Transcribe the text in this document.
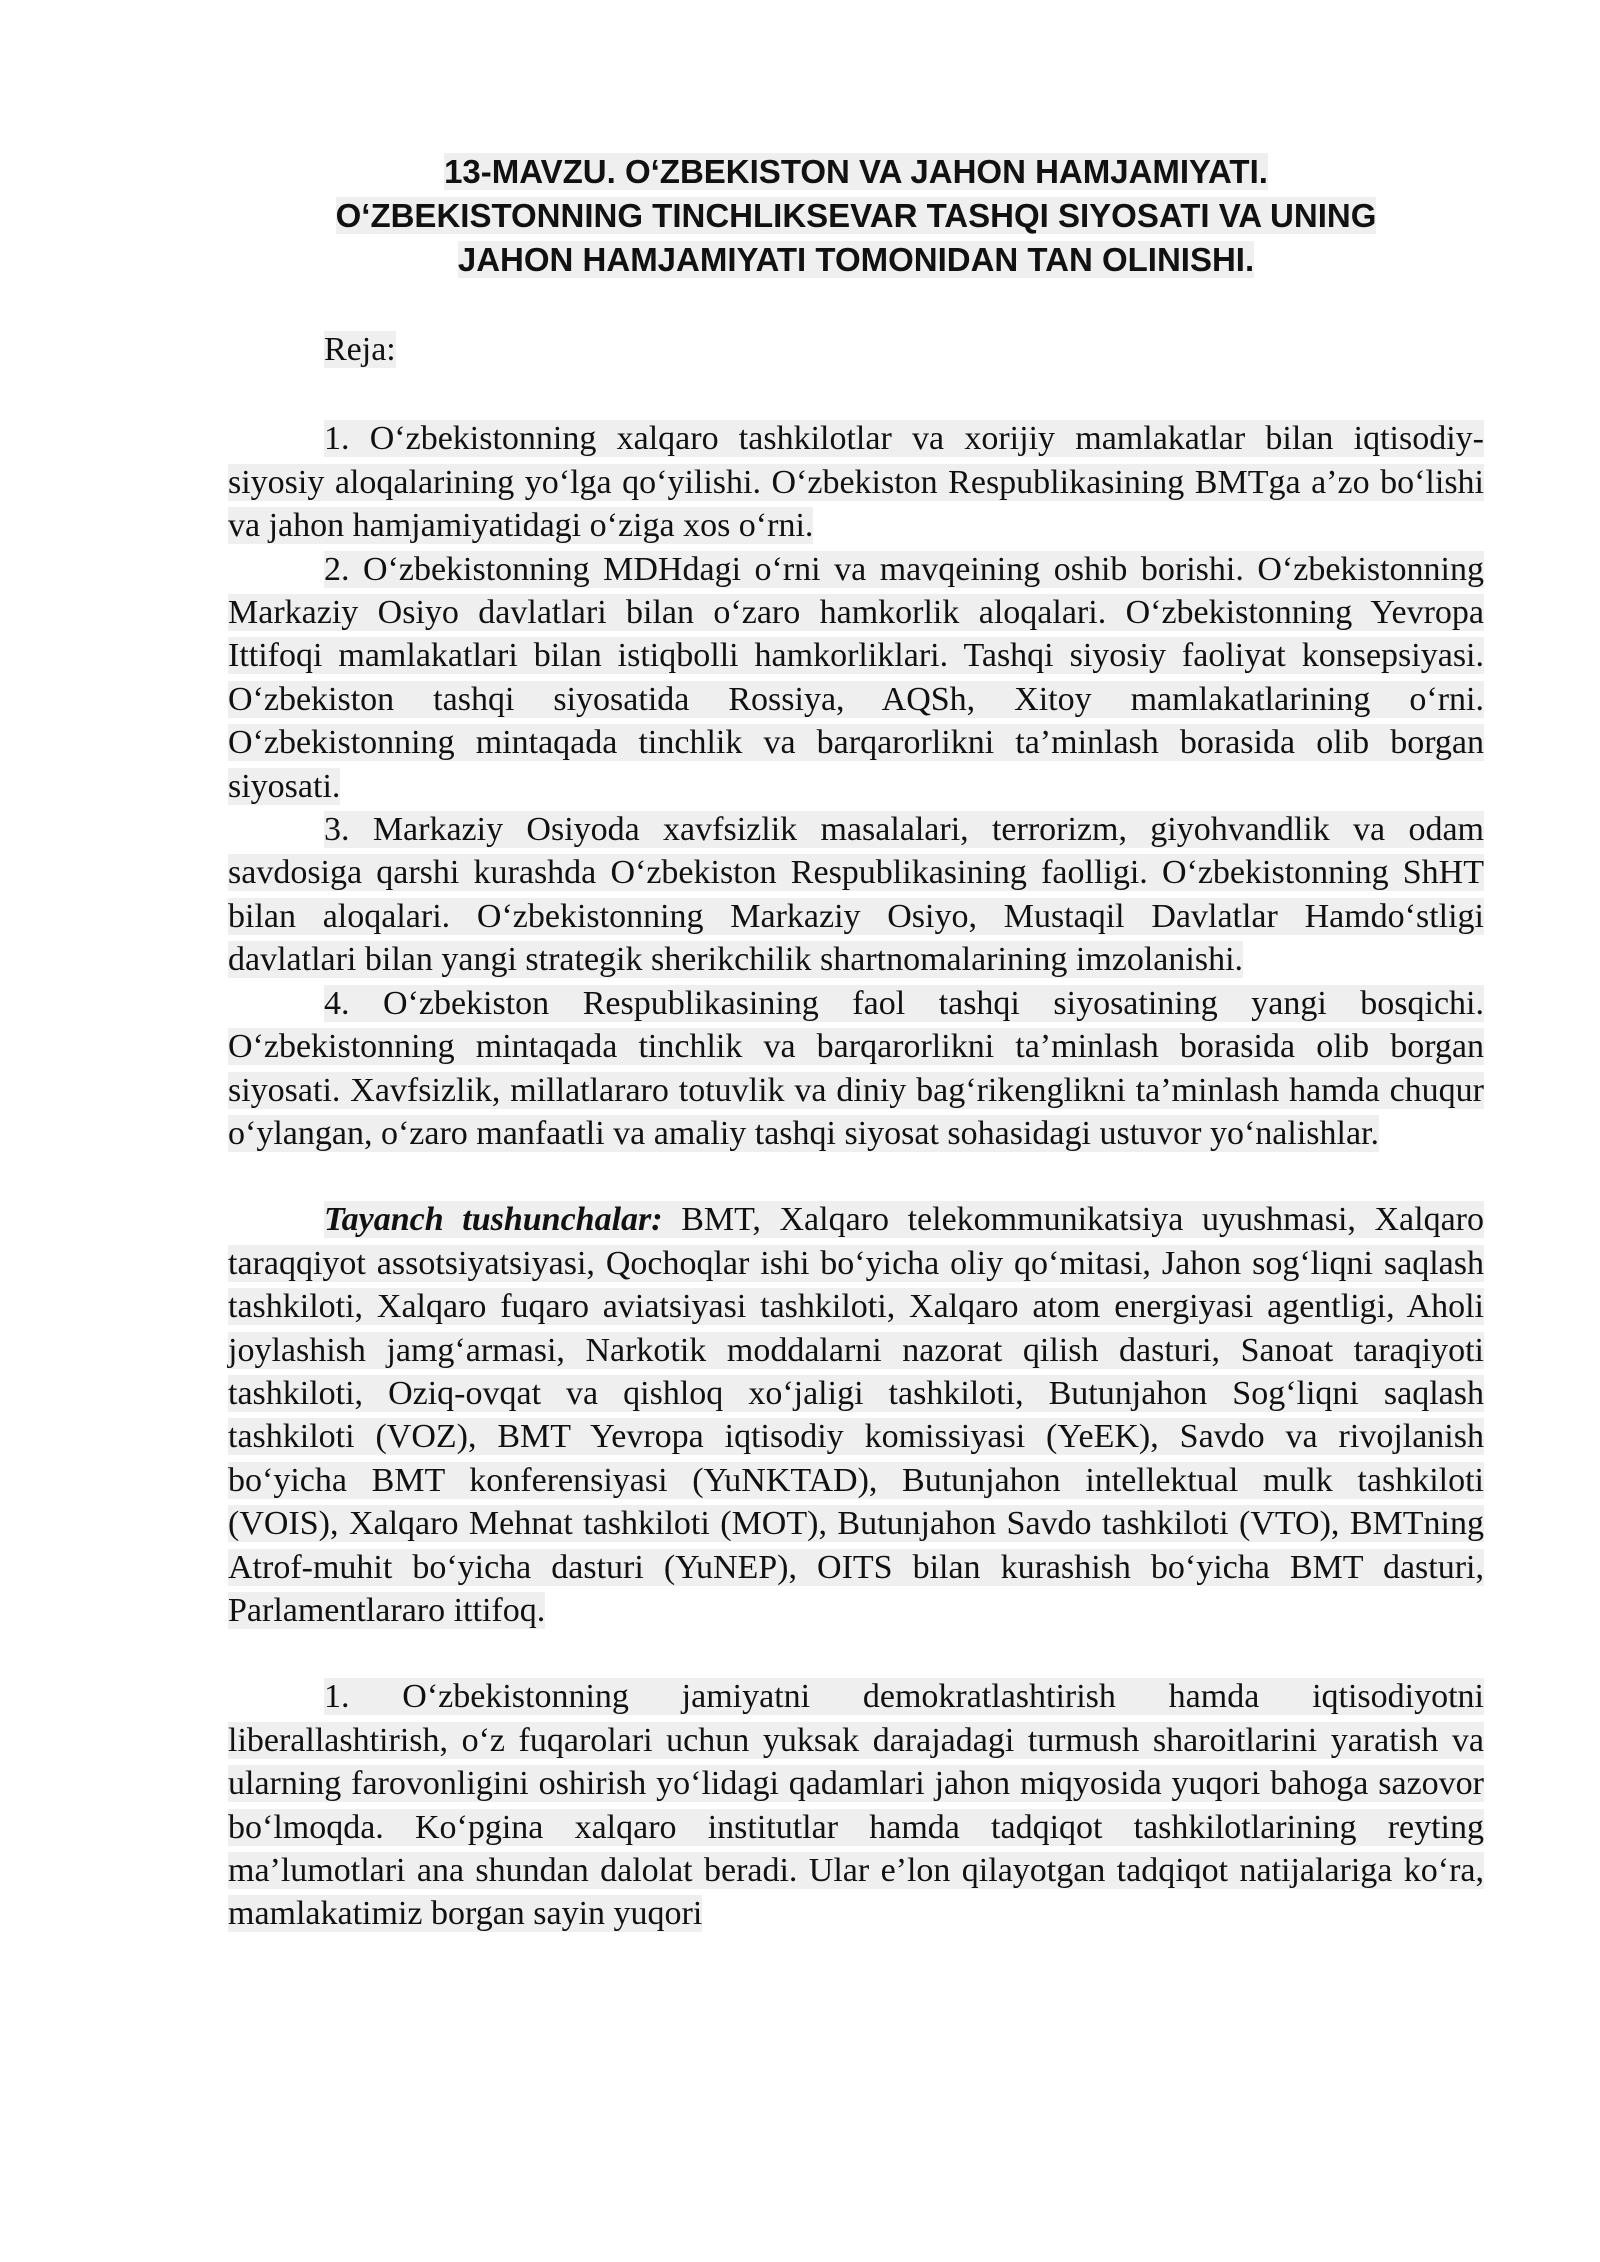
13-MAVZU. O‘ZBEKISTON VA JAHON HAMJAMIYATI.
O‘ZBEKISTONNING TINCHLIKSEVAR TASHQI SIYOSATI VA UNING
JAHON HAMJAMIYATI TOMONIDAN TAN OLINISHI.
Reja:

1. O‘zbekistonning xalqaro tashkilotlar va xorijiy mamlakatlar bilan iqtisodiy-siyosiy aloqalarining yo‘lga qo‘yilishi. O‘zbekiston Respublikasining BMTga a’zo bo‘lishi va jahon hamjamiyatidagi o‘ziga xos o‘rni.

2. O‘zbekistonning MDHdagi o‘rni va mavqeining oshib borishi. O‘zbekistonning Markaziy Osiyo davlatlari bilan o‘zaro hamkorlik aloqalari. O‘zbekistonning Yevropa Ittifoqi mamlakatlari bilan istiqbolli hamkorliklari. Tashqi siyosiy faoliyat konsepsiyasi. O‘zbekiston tashqi siyosatida Rossiya, AQSh, Xitoy mamlakatlarining o‘rni. O‘zbekistonning mintaqada tinchlik va barqarorlikni ta’minlash borasida olib borgan siyosati.

3. Markaziy Osiyoda xavfsizlik masalalari, terrorizm, giyohvandlik va odam savdosiga qarshi kurashda O‘zbekiston Respublikasining faolligi. O‘zbekistonning ShHT bilan aloqalari. O‘zbekistonning Markaziy Osiyo, Mustaqil Davlatlar Hamdo‘stligi davlatlari bilan yangi strategik sherikchilik shartnomalarining imzolanishi.

4. O‘zbekiston Respublikasining faol tashqi siyosatining yangi bosqichi. O‘zbekistonning mintaqada tinchlik va barqarorlikni ta’minlash borasida olib borgan siyosati. Xavfsizlik, millatlararo totuvlik va diniy bag‘rikenglikni ta’minlash hamda chuqur o‘ylangan, o‘zaro manfaatli va amaliy tashqi siyosat sohasidagi ustuvor yo‘nalishlar.

Tayanch tushunchalar: BMT, Xalqaro telekommunikatsiya uyushmasi, Xalqaro taraqqiyot assotsiyatsiyasi, Qochoqlar ishi bo‘yicha oliy qo‘mitasi, Jahon sog‘liqni saqlash tashkiloti, Xalqaro fuqaro aviatsiyasi tashkiloti, Xalqaro atom energiyasi agentligi, Aholi joylashish jamg‘armasi, Narkotik moddalarni nazorat qilish dasturi, Sanoat taraqiyoti tashkiloti, Oziq-ovqat va qishloq xo‘jaligi tashkiloti, Butunjahon Sog‘liqni saqlash tashkiloti (VOZ), BMT Yevropa iqtisodiy komissiyasi (YeEK), Savdo va rivojlanish bo‘yicha BMT konferensiyasi (YuNKTAD), Butunjahon intellektual mulk tashkiloti (VOIS), Xalqaro Mehnat tashkiloti (MOT), Butunjahon Savdo tashkiloti (VTO), BMTning Atrof-muhit bo‘yicha dasturi (YuNEP), OITS bilan kurashish bo‘yicha BMT dasturi, Parlamentlararo ittifoq.

1. O‘zbekistonning jamiyatni demokratlashtirish hamda iqtisodiyotni liberallashtirish, o‘z fuqarolari uchun yuksak darajadagi turmush sharoitlarini yaratish va ularning farovonligini oshirish yo‘lidagi qadamlari jahon miqyosida yuqori bahoga sazovor bo‘lmoqda. Ko‘pgina xalqaro institutlar hamda tadqiqot tashkilotlarining reyting ma’lumotlari ana shundan dalolat beradi. Ular e’lon qilayotgan tadqiqot natijalariga ko‘ra, mamlakatimiz borgan sayin yuqori
